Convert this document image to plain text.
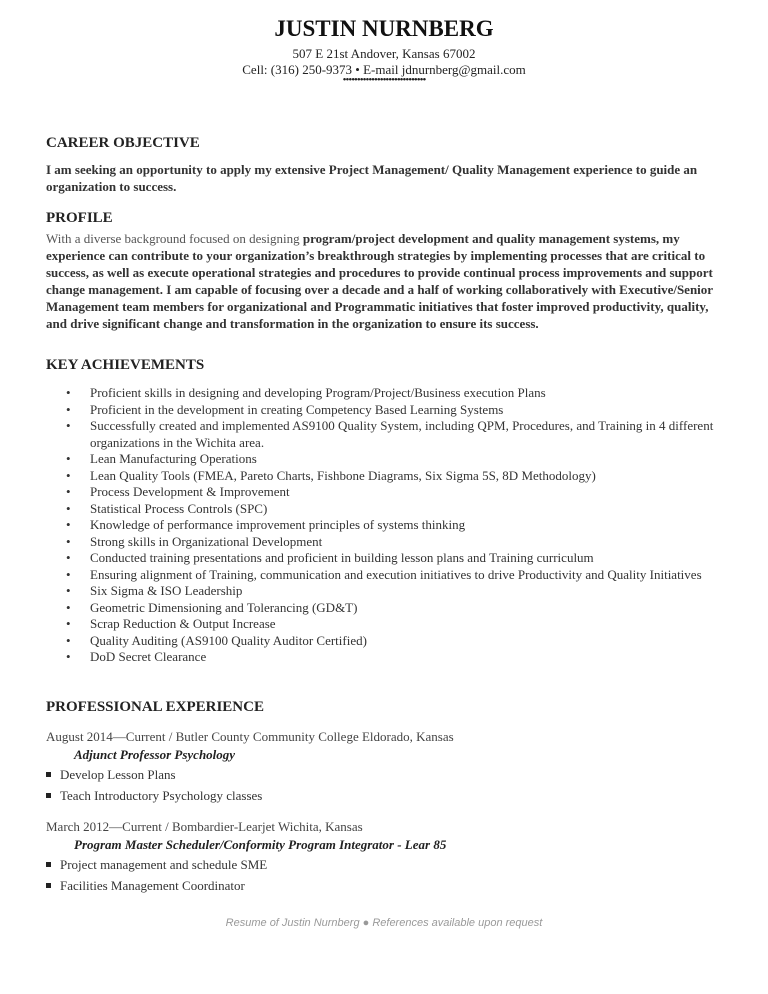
JUSTIN NURNBERG
507 E 21st Andover, Kansas 67002
Cell: (316) 250-9373 • E-mail jdnurnberg@gmail.com
•••••••••••••••••••••••••••••
CAREER OBJECTIVE

I am seeking an opportunity to apply my extensive Project Management/ Quality Management experience to guide an organization to success.

PROFILE

With a diverse background focused on designing program/project development and quality management systems, my experience can contribute to your organization’s breakthrough strategies by implementing processes that are critical to success, as well as execute operational strategies and procedures to provide continual process improvements and support change management. I am capable of focusing over a decade and a half of working collaboratively with Executive/Senior Management team members for organizational and Programmatic initiatives that foster improved productivity, quality, and drive significant change and transformation in the organization to ensure its success.

KEY ACHIEVEMENTS
• Proficient skills in designing and developing Program/Project/Business execution Plans
• Proficient in the development in creating Competency Based Learning Systems
• Successfully created and implemented AS9100 Quality System, including QPM, Procedures, and Training in 4 different organizations in the Wichita area.
• Lean Manufacturing Operations
• Lean Quality Tools (FMEA, Pareto Charts, Fishbone Diagrams, Six Sigma 5S, 8D Methodology)
• Process Development & Improvement
• Statistical Process Controls (SPC)
• Knowledge of performance improvement principles of systems thinking
• Strong skills in Organizational Development
• Conducted training presentations and proficient in building lesson plans and Training curriculum
• Ensuring alignment of Training, communication and execution initiatives to drive Productivity and Quality Initiatives
• Six Sigma & ISO Leadership
• Geometric Dimensioning and Tolerancing (GD&T)
• Scrap Reduction & Output Increase
• Quality Auditing (AS9100 Quality Auditor Certified)
• DoD Secret Clearance
PROFESSIONAL EXPERIENCE
August 2014—Current / Butler County Community College Eldorado, Kansas
Adjunct Professor Psychology
Develop Lesson Plans
Teach Introductory Psychology classes
March 2012—Current / Bombardier-Learjet Wichita, Kansas
Program Master Scheduler/Conformity Program Integrator - Lear 85
Project management and schedule SME
Facilities Management Coordinator
Resume of Justin Nurnberg ● References available upon request
